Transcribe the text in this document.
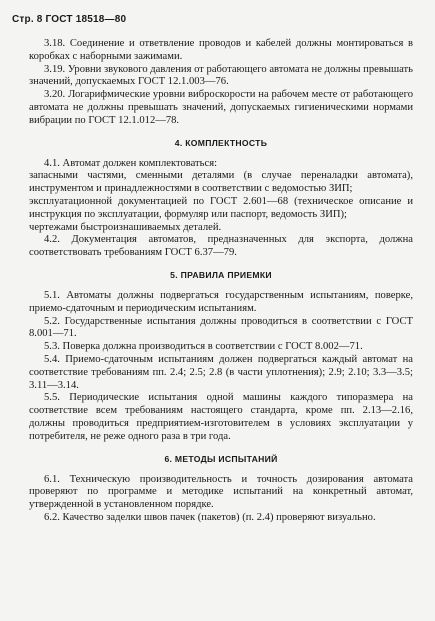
Стр. 8 ГОСТ 18518—80

3.18. Соединение и ответвление проводов и кабелей должны монтироваться в коробках с наборными зажимами.

3.19. Уровни звукового давления от работающего автомата не должны превышать значений, допускаемых ГОСТ 12.1.003—76.

3.20. Логарифмические уровни виброскорости на рабочем месте от работающего автомата не должны превышать значений, допускаемых гигиеническими нормами вибрации по ГОСТ 12.1.012—78.

4. КОМПЛЕКТНОСТЬ

4.1. Автомат должен комплектоваться:

запасными частями, сменными деталями (в случае переналадки автомата), инструментом и принадлежностями в соответствии с ведомостью ЗИП;

эксплуатационной документацией по ГОСТ 2.601—68 (техническое описание и инструкция по эксплуатации, формуляр или паспорт, ведомость ЗИП);

чертежами быстроизнашиваемых деталей.

4.2. Документация автоматов, предназначенных для экспорта, должна соответствовать требованиям ГОСТ 6.37—79.

5. ПРАВИЛА ПРИЕМКИ

5.1. Автоматы должны подвергаться государственным испытаниям, поверке, приемо-сдаточным и периодическим испытаниям.

5.2. Государственные испытания должны проводиться в соответствии с ГОСТ 8.001—71.

5.3. Поверка должна производиться в соответствии с ГОСТ 8.002—71.

5.4. Приемо-сдаточным испытаниям должен подвергаться каждый автомат на соответствие требованиям пп. 2.4; 2.5; 2.8 (в части уплотнения); 2.9; 2.10; 3.3—3.5; 3.11—3.14.

5.5. Периодические испытания одной машины каждого типоразмера на соответствие всем требованиям настоящего стандарта, кроме пп. 2.13—2.16, должны проводиться предприятием-изготовителем в условиях эксплуатации у потребителя, не реже одного раза в три года.

6. МЕТОДЫ ИСПЫТАНИЙ

6.1. Техническую производительность и точность дозирования автомата проверяют по программе и методике испытаний на конкретный автомат, утвержденной в установленном порядке.

6.2. Качество заделки швов пачек (пакетов) (п. 2.4) проверяют визуально.
